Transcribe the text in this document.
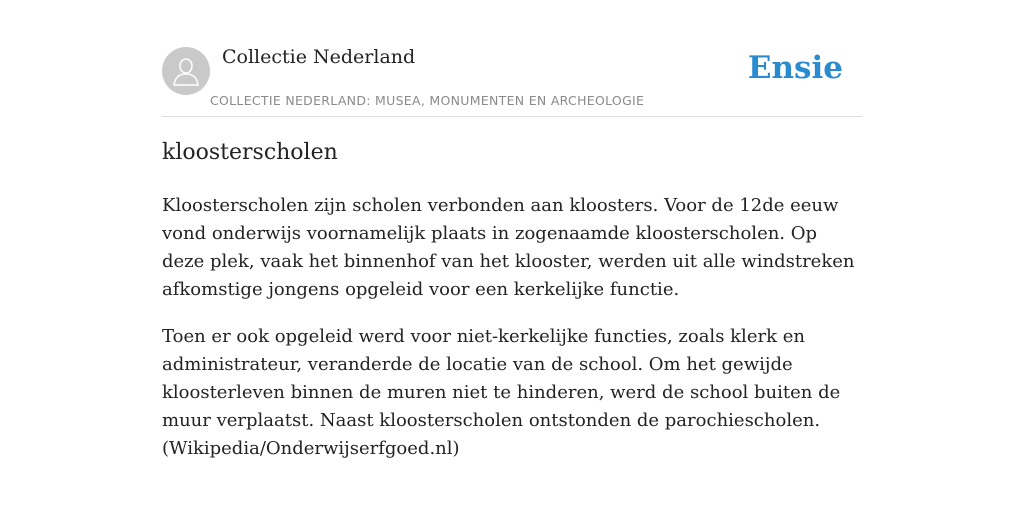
Collectie Nederland
COLLECTIE NEDERLAND: MUSEA, MONUMENTEN EN ARCHEOLOGIE
Ensie
kloosterscholen

Kloosterscholen zijn scholen verbonden aan kloosters. Voor de 12de eeuw vond onderwijs voornamelijk plaats in zogenaamde kloosterscholen. Op deze plek, vaak het binnenhof van het klooster, werden uit alle windstreken afkomstige jongens opgeleid voor een kerkelijke functie.

Toen er ook opgeleid werd voor niet-kerkelijke functies, zoals klerk en administrateur, veranderde de locatie van de school. Om het gewijde kloosterleven binnen de muren niet te hinderen, werd de school buiten de muur verplaatst. Naast kloosterscholen ontstonden de parochiescholen. (Wikipedia/Onderwijserfgoed.nl)
